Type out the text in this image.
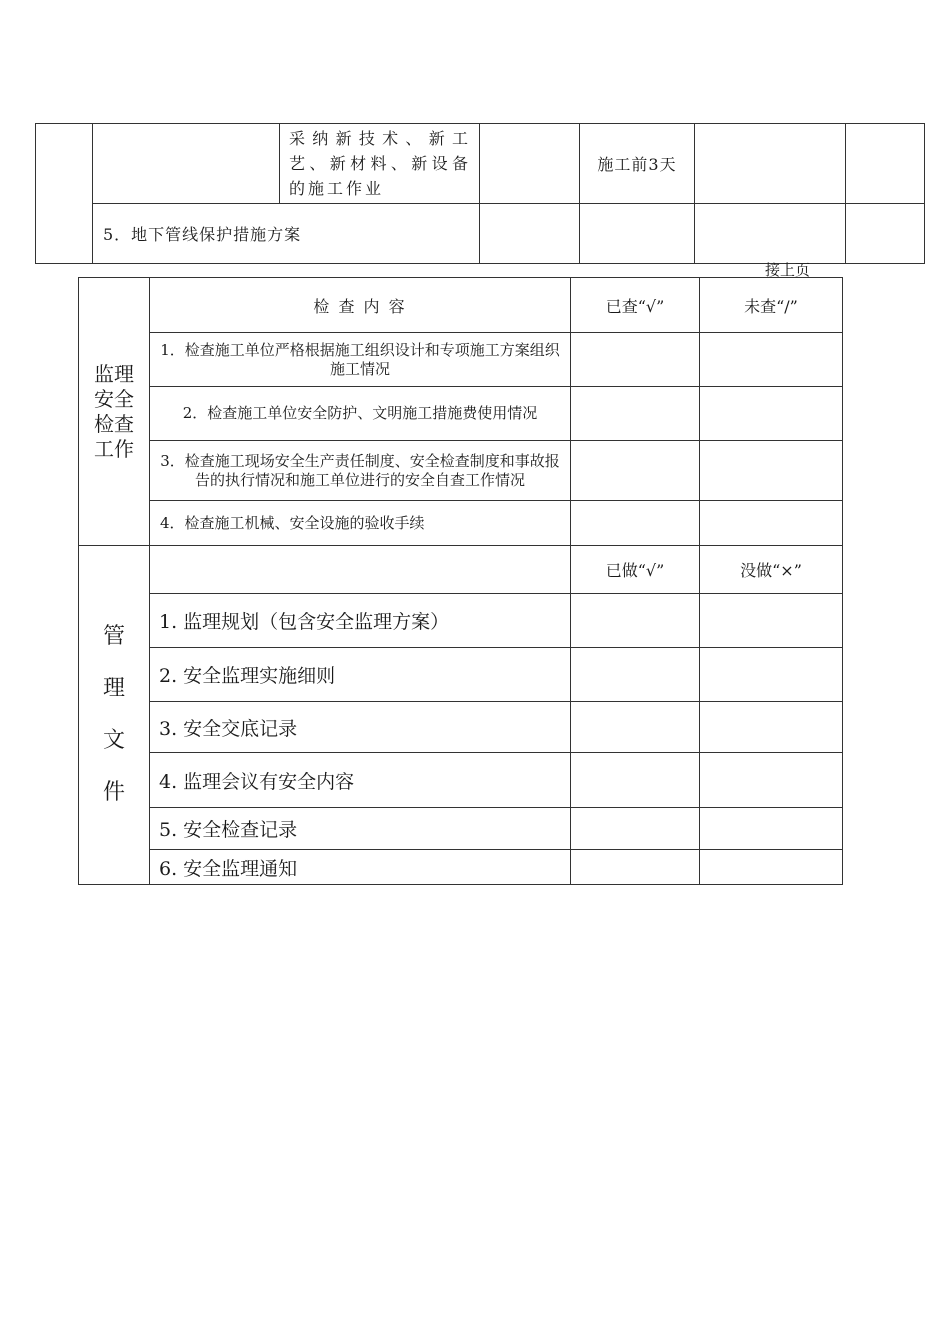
		采纳新技术、新工艺、新材料、新设备的施工作业		施工前3天		
	5．地下管线保护措施方案					
接上页
监理安全检查工作	检 查 内 容	已查“√”	未查“/”
	1．检查施工单位严格根据施工组织设计和专项施工方案组织施工情况		
	2．检查施工单位安全防护、文明施工措施费使用情况		
	3．检查施工现场安全生产责任制度、安全检查制度和事故报告的执行情况和施工单位进行的安全自查工作情况		
	4．检查施工机械、安全设施的验收手续		

管
理
文
件		已做“√”	没做“×”
	1. 监理规划（包含安全监理方案）		
	2. 安全监理实施细则		
	3. 安全交底记录		
	4. 监理会议有安全内容		
	5. 安全检查记录		
	6. 安全监理通知		
